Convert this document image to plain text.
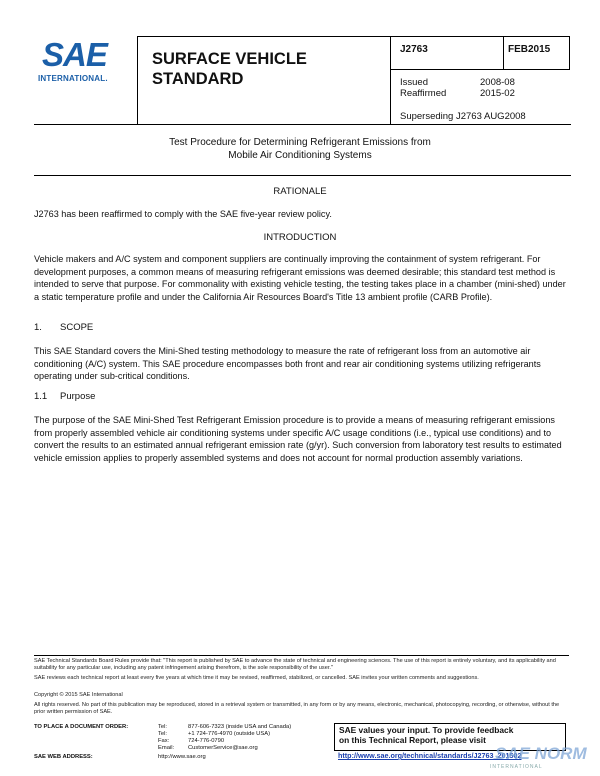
SAE
INTERNATIONAL.
SURFACE VEHICLE
STANDARD
J2763	FEB2015
Issued	2008-08
Reaffirmed	2015-02
Superseding J2763 AUG2008
Test Procedure for Determining Refrigerant Emissions from
Mobile Air Conditioning Systems
RATIONALE
J2763 has been reaffirmed to comply with the SAE five-year review policy.
INTRODUCTION
Vehicle makers and A/C system and component suppliers are continually improving the containment of system refrigerant. For development purposes, a common means of measuring refrigerant emissions was deemed desirable; this standard test method is intended to serve that purpose. For commonality with existing vehicle testing, the testing takes place in a chamber (mini-shed) under a static temperature profile and under the California Air Resources Board's Title 13 ambient profile (CARB Profile).
1. SCOPE
This SAE Standard covers the Mini-Shed testing methodology to measure the rate of refrigerant loss from an automotive air conditioning (A/C) system. This SAE procedure encompasses both front and rear air conditioning systems utilizing refrigerants operating under sub-critical conditions.
1.1 Purpose
The purpose of the SAE Mini-Shed Test Refrigerant Emission procedure is to provide a means of measuring refrigerant emissions from properly assembled vehicle air conditioning systems under specific A/C usage conditions (i.e., typical use conditions) and to convert the results to an estimated annual refrigerant emission rate (g/yr). Such conversion from laboratory test results to estimated vehicle emission applies to properly assembled systems and does not account for normal production assembly variations.
SAE Technical Standards Board Rules provide that: "This report is published by SAE to advance the state of technical and engineering sciences. The use of this report is entirely voluntary, and its applicability and suitability for any particular use, including any patent infringement arising therefrom, is the sole responsibility of the user."
SAE reviews each technical report at least every five years at which time it may be revised, reaffirmed, stabilized, or cancelled. SAE invites your written comments and suggestions.
Copyright © 2015 SAE International
All rights reserved. No part of this publication may be reproduced, stored in a retrieval system or transmitted, in any form or by any means, electronic, mechanical, photocopying, recording, or otherwise, without the prior written permission of SAE.
TO PLACE A DOCUMENT ORDER:	Tel:	877-606-7323 (inside USA and Canada)
Tel:	+1 724-776-4970 (outside USA)
Fax:	724-776-0790
Email: CustomerService@sae.org
SAE WEB ADDRESS:	http://www.sae.org
SAE values your input. To provide feedback
on this Technical Report, please visit
http://www.sae.org/technical/standards/J2763_201502
SAE NORM
INTERNATIONAL
